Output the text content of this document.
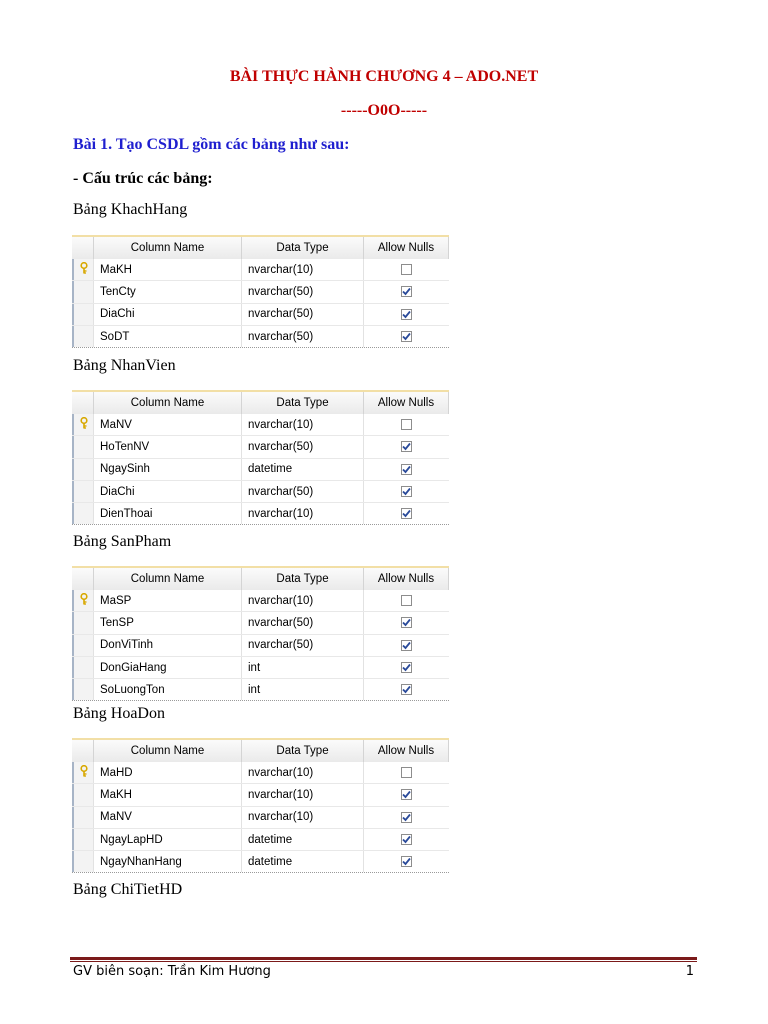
BÀI THỰC HÀNH CHƯƠNG 4 – ADO.NET
-----O0O-----
Bài 1. Tạo CSDL gồm các bảng như sau:
- Cấu trúc các bảng:
Bảng KhachHang
Column Name	Data Type	Allow Nulls
MaKH	nvarchar(10)
TenCty	nvarchar(50)
DiaChi	nvarchar(50)
SoDT	nvarchar(50)
Bảng NhanVien
Column Name	Data Type	Allow Nulls
MaNV	nvarchar(10)
HoTenNV	nvarchar(50)
NgaySinh	datetime
DiaChi	nvarchar(50)
DienThoai	nvarchar(10)
Bảng SanPham
Column Name	Data Type	Allow Nulls
MaSP	nvarchar(10)
TenSP	nvarchar(50)
DonViTinh	nvarchar(50)
DonGiaHang	int
SoLuongTon	int
Bảng HoaDon
Column Name	Data Type	Allow Nulls
MaHD	nvarchar(10)
MaKH	nvarchar(10)
MaNV	nvarchar(10)
NgayLapHD	datetime
NgayNhanHang	datetime
Bảng ChiTietHD
GV biên soạn: Trần Kim Hương	1
